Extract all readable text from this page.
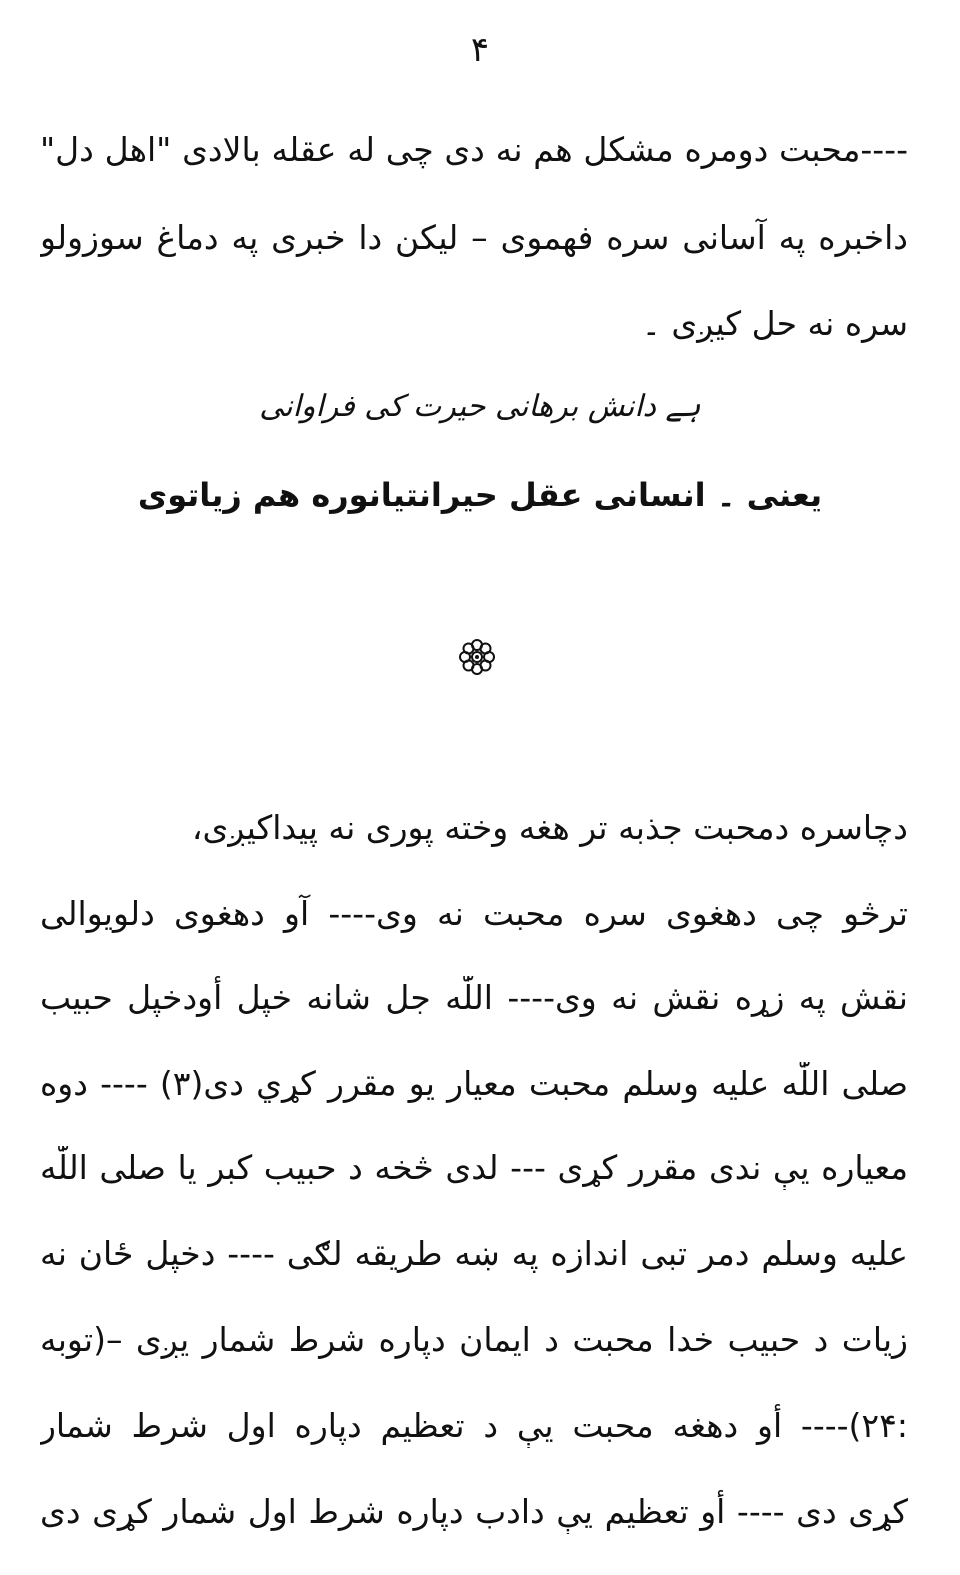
۴
----محبت دومره مشکل هم نه دی چی له عقله بالادی "اهل دل"
داخبره په آسانی سره فهموی – لیکن دا خبری په دماغ سوزولو
سره نه حل کیږی ۔
ہے دانش برھانی حیرت کی فراوانی
یعنی ۔ انسانی عقل حیرانتیانوره هم زیاتوی
دچاسره دمحبت جذبه تر هغه وخته پوری نه پیداکیږی،
ترڅو چی دهغوی سره محبت نه وی---- آو دهغوی دلویوالی
نقش په زړه نقش نه وی---- اللّٰه جل شانه خپل أودخپل حبیب
صلی اللّٰه علیه وسلم محبت معیار یو مقرر کړي دی(۳) ---- دوه
معیاره يې ندی مقرر کړی --- لدی څخه د حبیب کبر یا صلی اللّٰه
علیه وسلم دمر تبی اندازه په ښه طریقه لګی ---- دخپل ځان نه
زیات د حبیب خدا محبت د ایمان دپاره شرط شمار یږی –(توبه
:۲۴)---- أو دهغه محبت يې د تعظیم دپاره اول شرط شمار
کړی دی ---- أو تعظیم يې دادب دپاره شرط اول شمار کړی دی
